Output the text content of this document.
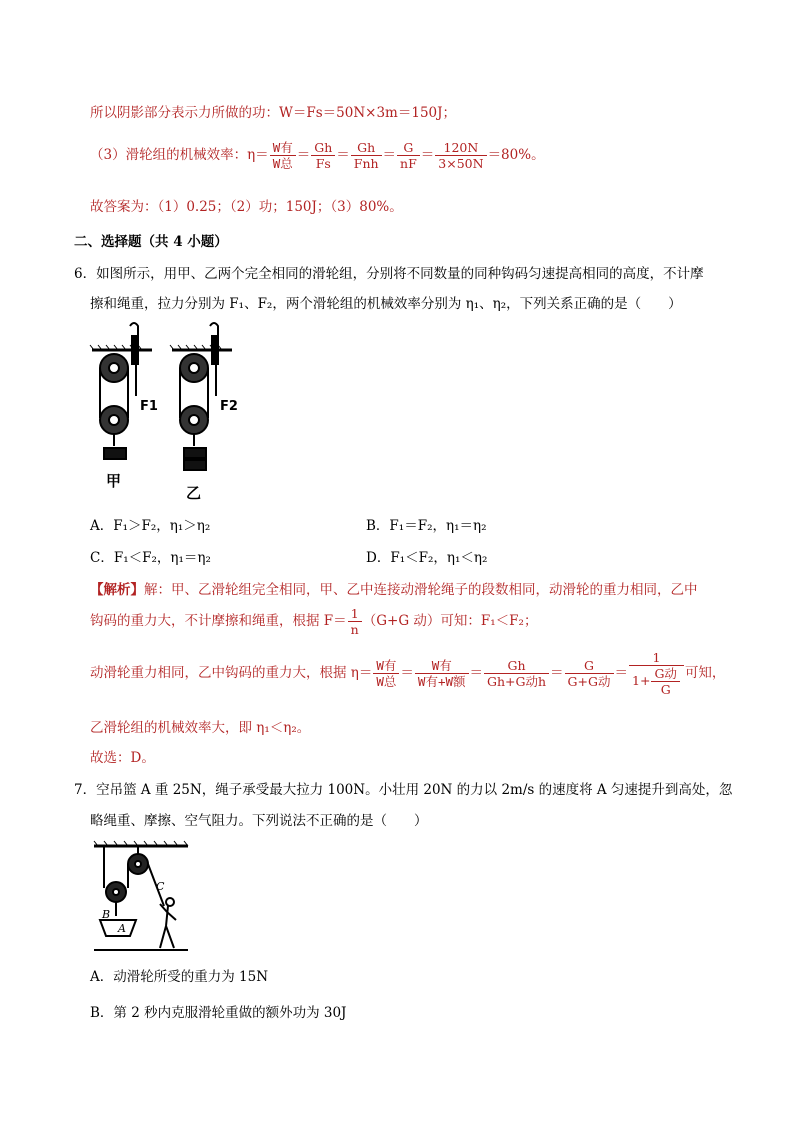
所以阴影部分表示力所做的功：W＝Fs＝50N×3m＝150J；
（3）滑轮组的机械效率：$\eta= \frac{\text{W有}}{\text{W总}} = \frac{Gh}{Fs} = \frac{Gh}{\text{Fnh}} = \frac{G}{nF} = \frac{120N}{3\times 50N} =80\%$。
故答案为：（1）0.25；（2）功；150J；（3）80%。
二、选择题（共 4 小题）
6．如图所示，用甲、乙两个完全相同的滑轮组，分别将不同数量的同种钩码匀速提高相同的高度，不计摩
擦和绳重，拉力分别为 F₁、F₂，两个滑轮组的机械效率分别为 η₁、η₂，下列关系正确的是（　　）
F1
甲
F2
乙
A．F₁＞F₂，η₁＞η₂	B．F₁＝F₂，η₁＝η₂
C．F₁＜F₂，η₁＝η₂	D．F₁＜F₂，η₁＜η₂
【解析】解：甲、乙滑轮组完全相同，甲、乙中连接动滑轮绳子的段数相同，动滑轮的重力相同，乙中
钩码的重力大，不计摩擦和绳重，根据 $F= \frac{1}{n} (G+G$ 动）可知：F₁＜F₂；
动滑轮重力相同，乙中钩码的重力大，根据 $\eta= \frac{\text{W有}}{\text{W总}} = \frac{\text{W有}}{\text{W有+W额}} = \frac{Gh}{\text{Gh+G动h}} = \frac{G}{\text{G+G动}} = \frac{1}{1+ \frac{\text{G动}}{G}}$ 可知，
乙滑轮组的机械效率大，即 η₁＜η₂。
故选：D。
7．空吊篮 A 重 25N，绳子承受最大拉力 100N。小壮用 20N 的力以 2m/s 的速度将 A 匀速提升到高处，忽
略绳重、摩擦、空气阻力。下列说法不正确的是（　　）
A
B
C
A．动滑轮所受的重力为 15N
B．第 2 秒内克服滑轮重做的额外功为 30J
